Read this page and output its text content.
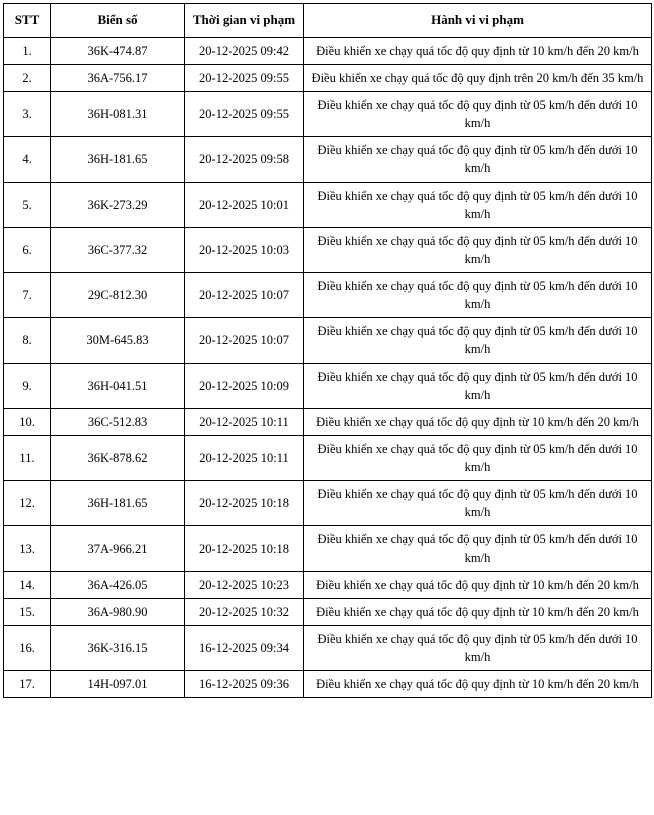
STT	Biển số	Thời gian vi phạm	Hành vi vi phạm
1.	36K-474.87	20-12-2025 09:42	Điều khiển xe chạy quá tốc độ quy định từ 10 km/h đến 20 km/h
2.	36A-756.17	20-12-2025 09:55	Điều khiển xe chạy quá tốc độ quy định trên 20 km/h đến 35 km/h
3.	36H-081.31	20-12-2025 09:55	Điều khiển xe chạy quá tốc độ quy định từ 05 km/h đến dưới 10 km/h
4.	36H-181.65	20-12-2025 09:58	Điều khiển xe chạy quá tốc độ quy định từ 05 km/h đến dưới 10 km/h
5.	36K-273.29	20-12-2025 10:01	Điều khiển xe chạy quá tốc độ quy định từ 05 km/h đến dưới 10 km/h
6.	36C-377.32	20-12-2025 10:03	Điều khiển xe chạy quá tốc độ quy định từ 05 km/h đến dưới 10 km/h
7.	29C-812.30	20-12-2025 10:07	Điều khiển xe chạy quá tốc độ quy định từ 05 km/h đến dưới 10 km/h
8.	30M-645.83	20-12-2025 10:07	Điều khiển xe chạy quá tốc độ quy định từ 05 km/h đến dưới 10 km/h
9.	36H-041.51	20-12-2025 10:09	Điều khiển xe chạy quá tốc độ quy định từ 05 km/h đến dưới 10 km/h
10.	36C-512.83	20-12-2025 10:11	Điều khiển xe chạy quá tốc độ quy định từ 10 km/h đến 20 km/h
11.	36K-878.62	20-12-2025 10:11	Điều khiển xe chạy quá tốc độ quy định từ 05 km/h đến dưới 10 km/h
12.	36H-181.65	20-12-2025 10:18	Điều khiển xe chạy quá tốc độ quy định từ 05 km/h đến dưới 10 km/h
13.	37A-966.21	20-12-2025 10:18	Điều khiển xe chạy quá tốc độ quy định từ 05 km/h đến dưới 10 km/h
14.	36A-426.05	20-12-2025 10:23	Điều khiển xe chạy quá tốc độ quy định từ 10 km/h đến 20 km/h
15.	36A-980.90	20-12-2025 10:32	Điều khiển xe chạy quá tốc độ quy định từ 10 km/h đến 20 km/h
16.	36K-316.15	16-12-2025 09:34	Điều khiển xe chạy quá tốc độ quy định từ 05 km/h đến dưới 10 km/h
17.	14H-097.01	16-12-2025 09:36	Điều khiển xe chạy quá tốc độ quy định từ 10 km/h đến 20 km/h
